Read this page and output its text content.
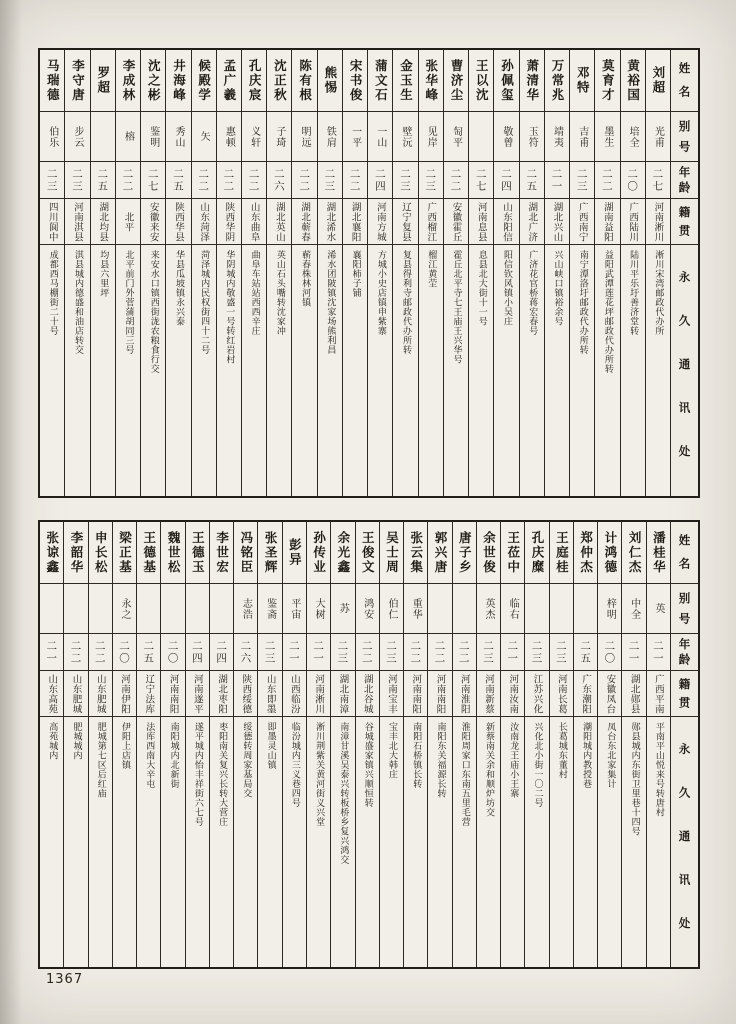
姓名
别号
年龄
籍贯
永久通讯处
刘超
光甫
二七
河南淅川
淅川宋湾邮政代办所
黄裕国
培全
二〇
广西陆川
陆川平乐圩善济堂转
莫育才
墨生
二二
湖南益阳
益阳武潭莲花坪邮政代办所转
邓特
吉甫
二三
广西南宁
南宁潭洛圩邮政代办所转
万常兆
靖夷
二一
湖北兴山
兴山峡口镇裕余号
萧清华
玉符
二五
湖北广济
广济花官桥蒋宏春号
孙佩玺
敬曾
二四
山东阳信
阳信钦风镇小吴庄
王以沈
二七
河南息县
息县北大街十一号
曹济尘
匋平
二二
安徽霍丘
霍丘北平寺七王庙王兴华号
张华峰
见岸
二三
广西榴江
榴江黄茔
金玉生
壁沅
二三
辽宁复县
复县得利寺邮政代办所转
蒲文石
一山
二四
河南方城
方城小史店镇申紫寨
宋书俊
一平
二二
湖北襄阳
襄阳柿子铺
熊惕
铁肩
二三
湖北浠水
浠水团陂镇沈家场熊利昌
陈有根
明远
二二
湖北蕲春
蕲春株林河镇
沈正秋
子琦
二六
湖北英山
英山石头嘴转沈家冲
孔庆宸
义轩
二二
山东曲阜
曲阜车站站西西辛庄
孟广羲
惠顿
二二
陕西华阴
华阴城内敬盛一号转红岩村
候殿学
矢
二二
山东菏泽
菏泽城内民权街四十二号
井海峰
秀山
二五
陕西华县
华县瓜坡镇永兴泰
沈之彬
鉴明
二七
安徽来安
来安水口镇西街泷农粮食行交
李成林
榕
二二
北平
北平前门外菅蒲胡同三号
罗超
二五
湖北均县
均县六里坪
李守唐
步云
二三
河南淇县
淇县城内德盛和油店转交
马瑞德
伯乐
二三
四川阆中
成都西马棚街二十号
姓名
别号
年龄
籍贯
永久通讯处
潘桂华
英
二一
广西平南
平南平山悦来号转唐村
刘仁杰
中全
二一
湖北郧县
郧县城内东街卫里巷十四号
计鸿德
梓明
二〇
安徽凤台
凤台东北家集计
郑仲杰
二五
广东潮阳
潮阳城内教授巷
王庭桂
二三
河南长葛
长葛城东董村
孔庆糜
二三
江苏兴化
兴化北小街一〇二号
王莅中
临右
二一
河南汝南
汝南龙王庙小王寨
余世俊
英杰
二三
河南新蔡
新蔡南关余和顺炉坊交
唐子乡
二二
河南淮阳
淮阳周家口东南五里毛营
郭兴唐
二二
河南南阳
南阳东关福源长转
张云集
重华
二二
河南南阳
南阳石桥镇长转
吴士周
伯仁
二三
河南宝丰
宝丰北大韩庄
王俊文
鸿安
二二
湖北谷城
谷城盛家镇兴顺恒转
余光鑫
苏
二三
湖北南漳
南漳甘溪吴泰兴转板桥乡复兴鸿交
孙传业
大树
二一
河南淅川
淅川荆紫关黄河街义兴堂
彭异
平宙
二一
山西临汾
临汾城内三义巷四号
张圣辉
鉴斋
二三
山东即墨
即墨灵山镇
冯铭臣
志浩
二六
陕西绥德
绥德转周家基局交
李世宏
二四
湖北枣阳
枣阳南关复兴长转大营庄
王德玉
二四
河南遂平
遂平城内怡丰祥街六七号
魏世松
二〇
河南南阳
南阳城内北新街
王德基
二五
辽宁法库
法库西南大辛屯
梁正基
永之
二〇
河南伊阳
伊阳上店镇
申长松
二二
山东肥城
肥城第七区后红庙
李韶华
二二
山东肥城
肥城城内
张谅鑫
二一
山东高苑
高苑城内
1367
